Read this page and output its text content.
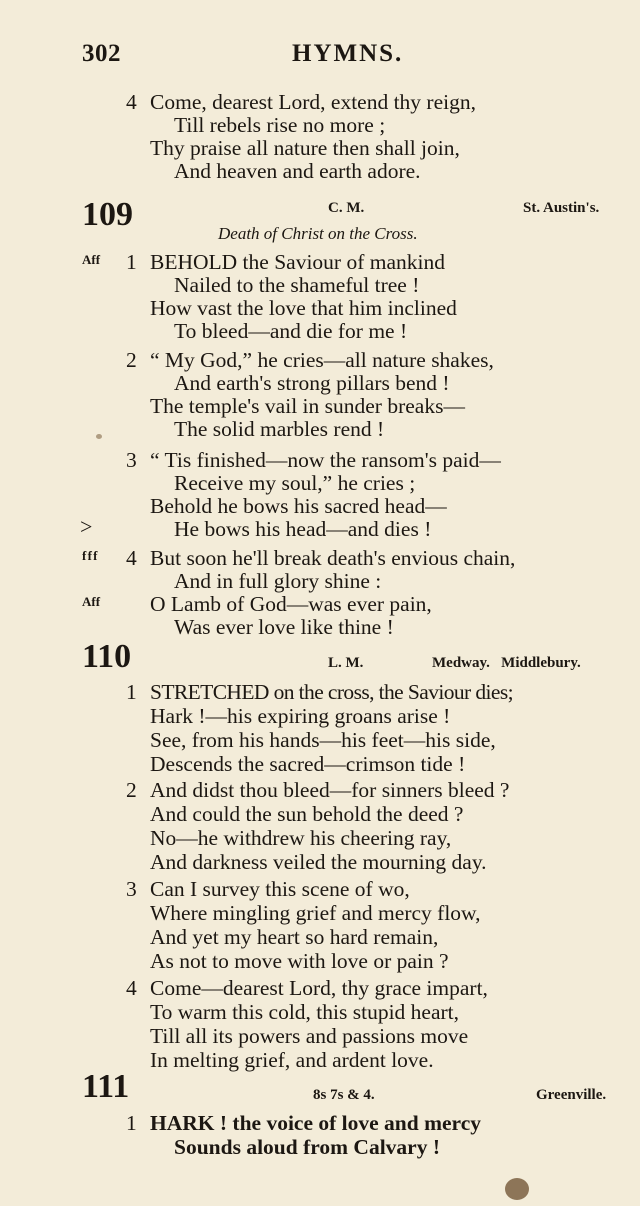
302	HYMNS.
4 Come, dearest Lord, extend thy reign,
Till rebels rise no more ;
Thy praise all nature then shall join,
And heaven and earth adore.
109	C. M.	St. Austin's.
Death of Christ on the Cross.
Aff 1 BEHOLD the Saviour of mankind
Nailed to the shameful tree !
How vast the love that him inclined
To bleed—and die for me !
2 “ My God,” he cries—all nature shakes,
And earth's strong pillars bend !
The temple's vail in sunder breaks—
The solid marbles rend !
3 “ Tis finished—now the ransom's paid—
Receive my soul,” he cries ;
Behold he bows his sacred head—
>	He bows his head—and dies !
f f f 4 But soon he'll break death's envious chain,
And in full glory shine :
Aff O Lamb of God—was ever pain,
Was ever love like thine !
110	L. M.	Medway.   Middlebury.
1 STRETCHED on the cross, the Saviour dies;
Hark !—his expiring groans arise !
See, from his hands—his feet—his side,
Descends the sacred—crimson tide !
2 And didst thou bleed—for sinners bleed ?
And could the sun behold the deed ?
No—he withdrew his cheering ray,
And darkness veiled the mourning day.
3 Can I survey this scene of wo,
Where mingling grief and mercy flow,
And yet my heart so hard remain,
As not to move with love or pain ?
4 Come—dearest Lord, thy grace impart,
To warm this cold, this stupid heart,
Till all its powers and passions move
In melting grief, and ardent love.
111	8s 7s & 4.	Greenville.
1 HARK ! the voice of love and mercy
Sounds aloud from Calvary !
